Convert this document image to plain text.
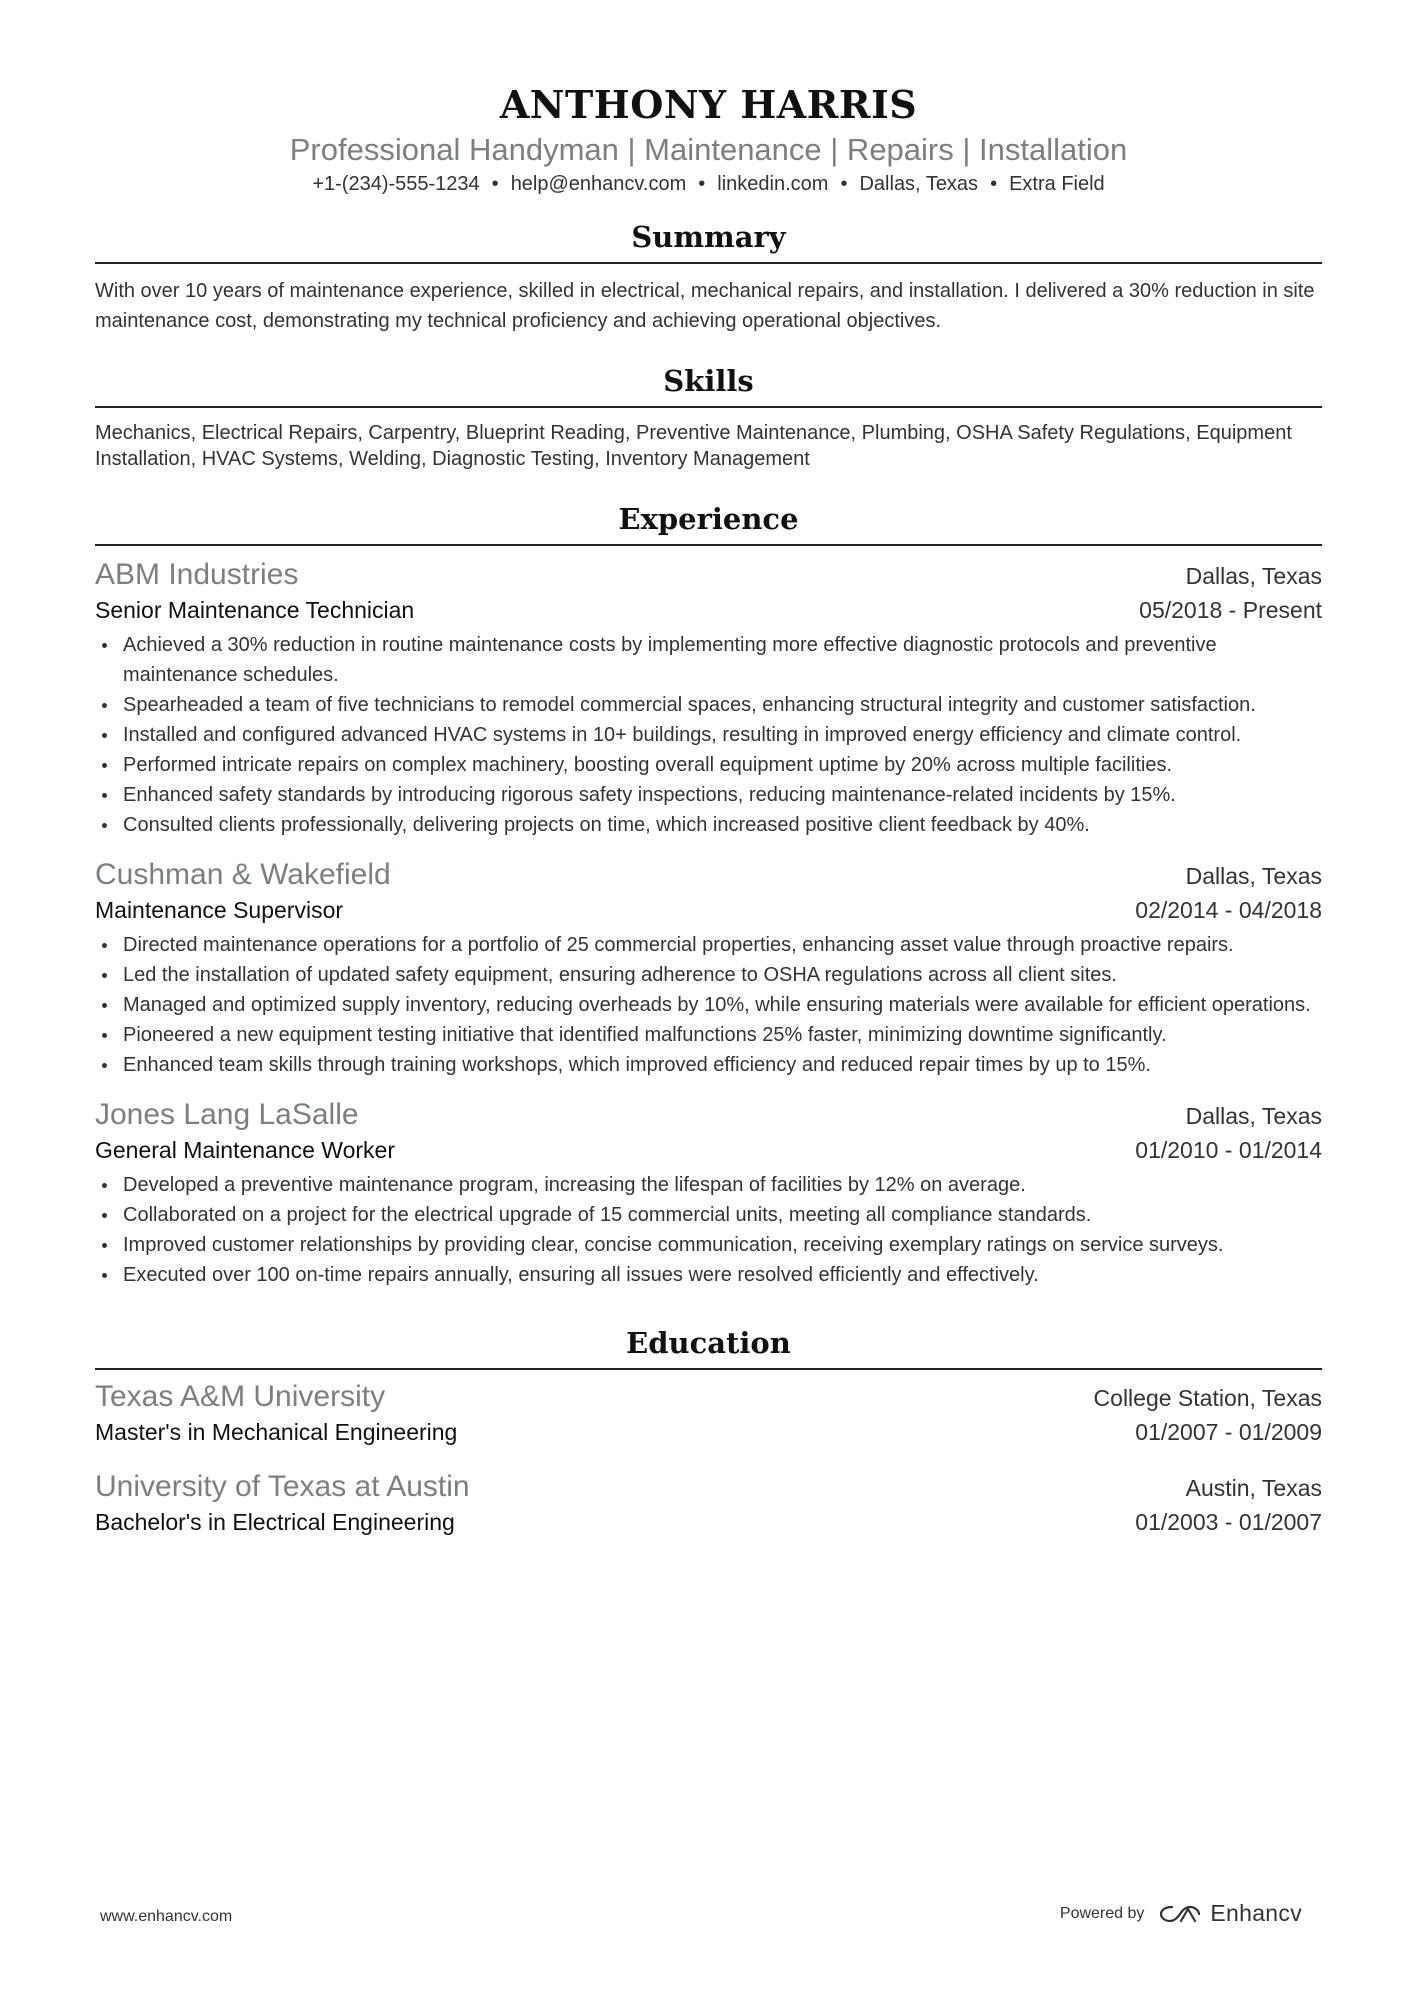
ANTHONY HARRIS
Professional Handyman | Maintenance | Repairs | Installation
+1-(234)-555-1234 • help@enhancv.com • linkedin.com • Dallas, Texas • Extra Field
Summary
With over 10 years of maintenance experience, skilled in electrical, mechanical repairs, and installation. I delivered a 30% reduction in site maintenance cost, demonstrating my technical proficiency and achieving operational objectives.
Skills
Mechanics, Electrical Repairs, Carpentry, Blueprint Reading, Preventive Maintenance, Plumbing, OSHA Safety Regulations, Equipment Installation, HVAC Systems, Welding, Diagnostic Testing, Inventory Management
Experience
ABM Industries	Dallas, Texas
Senior Maintenance Technician	05/2018 - Present
Achieved a 30% reduction in routine maintenance costs by implementing more effective diagnostic protocols and preventive maintenance schedules.
Spearheaded a team of five technicians to remodel commercial spaces, enhancing structural integrity and customer satisfaction.
Installed and configured advanced HVAC systems in 10+ buildings, resulting in improved energy efficiency and climate control.
Performed intricate repairs on complex machinery, boosting overall equipment uptime by 20% across multiple facilities.
Enhanced safety standards by introducing rigorous safety inspections, reducing maintenance-related incidents by 15%.
Consulted clients professionally, delivering projects on time, which increased positive client feedback by 40%.
Cushman & Wakefield	Dallas, Texas
Maintenance Supervisor	02/2014 - 04/2018
Directed maintenance operations for a portfolio of 25 commercial properties, enhancing asset value through proactive repairs.
Led the installation of updated safety equipment, ensuring adherence to OSHA regulations across all client sites.
Managed and optimized supply inventory, reducing overheads by 10%, while ensuring materials were available for efficient operations.
Pioneered a new equipment testing initiative that identified malfunctions 25% faster, minimizing downtime significantly.
Enhanced team skills through training workshops, which improved efficiency and reduced repair times by up to 15%.
Jones Lang LaSalle	Dallas, Texas
General Maintenance Worker	01/2010 - 01/2014
Developed a preventive maintenance program, increasing the lifespan of facilities by 12% on average.
Collaborated on a project for the electrical upgrade of 15 commercial units, meeting all compliance standards.
Improved customer relationships by providing clear, concise communication, receiving exemplary ratings on service surveys.
Executed over 100 on-time repairs annually, ensuring all issues were resolved efficiently and effectively.
Education
Texas A&M University	College Station, Texas
Master's in Mechanical Engineering	01/2007 - 01/2009
University of Texas at Austin	Austin, Texas
Bachelor's in Electrical Engineering	01/2003 - 01/2007
www.enhancv.com	Powered by	Enhancv
